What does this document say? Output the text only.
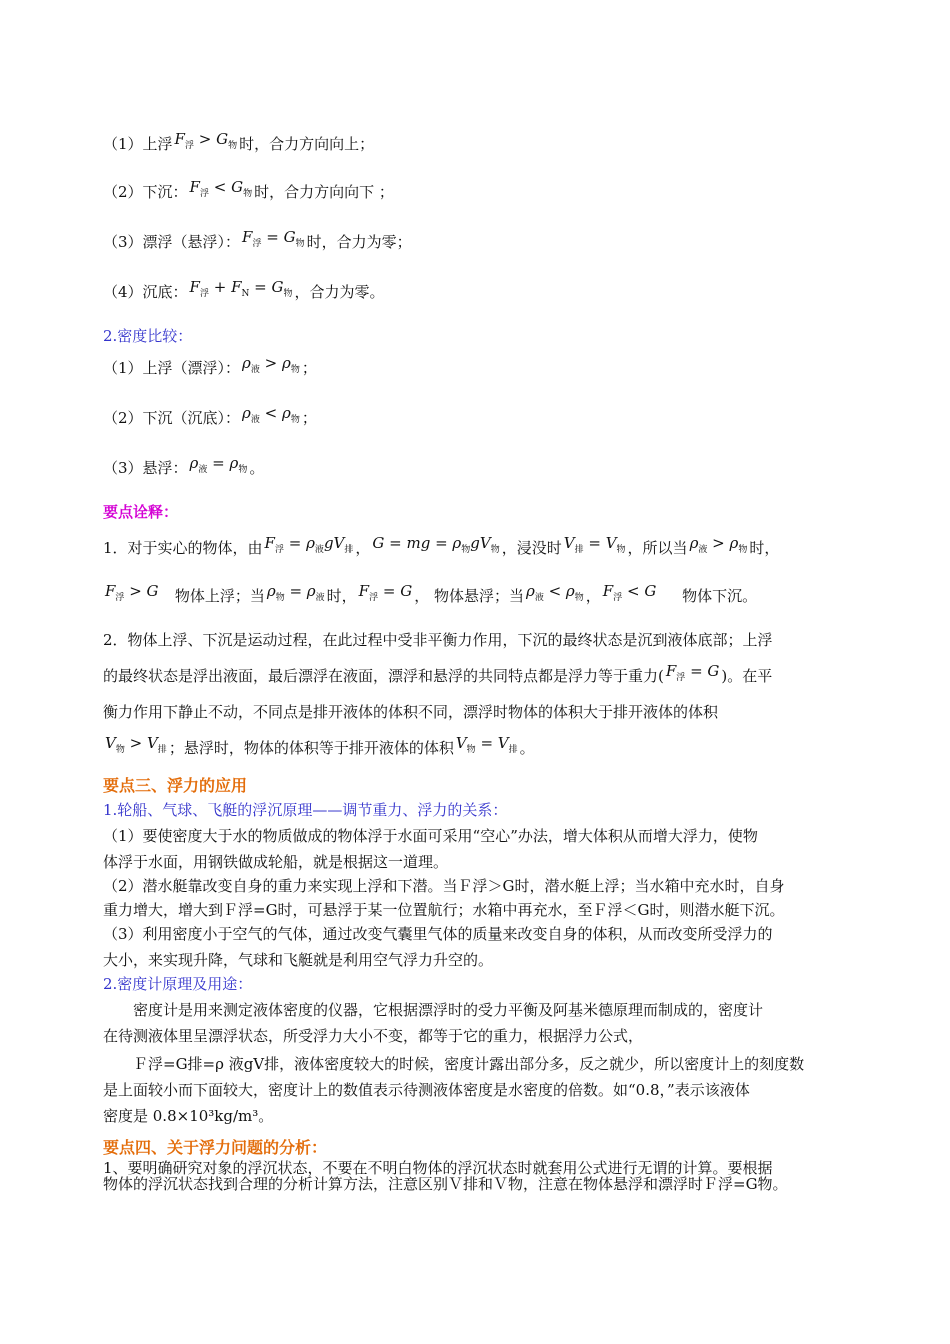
（1）上浮 $F_浮 > G_物$ 时，合力方向向上；
（2）下沉： $F_浮 < G_物$ 时，合力方向向下 ；
（3）漂浮（悬浮）： $F_浮 = G_物$ 时，合力为零；
（4）沉底： $F_浮 + F_N = G_物$ ，合力为零。
2.密度比较：
（1）上浮（漂浮）： $\rho_液 > \rho_物$ ；
（2）下沉（沉底）： $\rho_液 < \rho_物$ ；
（3）悬浮： $\rho_液 = \rho_物$ 。
要点诠释：
1．对于实心的物体，由 $F_浮 = \rho_液gV_排$ ， G = mg = $\rho_物gV_物$ ，浸没时 $V_排 = V_物$ ，所以当 $\rho_液 > \rho_物$ 时，
$F_浮 > G$ 物体上浮；当 $\rho_物 = \rho_液$ 时， $F_浮 = G$ ， 物体悬浮；当 $\rho_液 < \rho_物$ ， $F_浮 < G$ 物体下沉。
2．物体上浮、下沉是运动过程，在此过程中受非平衡力作用，下沉的最终状态是沉到液体底部；上浮
的最终状态是浮出液面，最后漂浮在液面，漂浮和悬浮的共同特点都是浮力等于重力( $F_浮 = G$ )。在平
衡力作用下静止不动，不同点是排开液体的体积不同，漂浮时物体的体积大于排开液体的体积
$V_物 > V_排$ ；悬浮时，物体的体积等于排开液体的体积 $V_物 = V_排$ 。
要点三、浮力的应用
1.轮船、气球、飞艇的浮沉原理——调节重力、浮力的关系：
（1）要使密度大于水的物质做成的物体浮于水面可采用“空心”办法，增大体积从而增大浮力，使物
体浮于水面，用钢铁做成轮船，就是根据这一道理。
（2）潜水艇靠改变自身的重力来实现上浮和下潜。当Ｆ浮＞G时，潜水艇上浮；当水箱中充水时，自身
重力增大，增大到Ｆ浮=G时，可悬浮于某一位置航行；水箱中再充水，至Ｆ浮＜G时，则潜水艇下沉。
（3）利用密度小于空气的气体，通过改变气囊里气体的质量来改变自身的体积，从而改变所受浮力的
大小，来实现升降，气球和飞艇就是利用空气浮力升空的。
2.密度计原理及用途：
密度计是用来测定液体密度的仪器，它根据漂浮时的受力平衡及阿基米德原理而制成的，密度计
在待测液体里呈漂浮状态，所受浮力大小不变，都等于它的重力，根据浮力公式，
Ｆ浮=G排=ρ 液gV排，液体密度较大的时候，密度计露出部分多，反之就少，所以密度计上的刻度数
是上面较小而下面较大，密度计上的数值表示待测液体密度是水密度的倍数。如“0.8，”表示该液体
密度是 0.8×10³kg/m³。
要点四、关于浮力问题的分析：
1、要明确研究对象的浮沉状态，不要在不明白物体的浮沉状态时就套用公式进行无谓的计算。要根据
物体的浮沉状态找到合理的分析计算方法，注意区别Ｖ排和Ｖ物，注意在物体悬浮和漂浮时Ｆ浮=G物。
